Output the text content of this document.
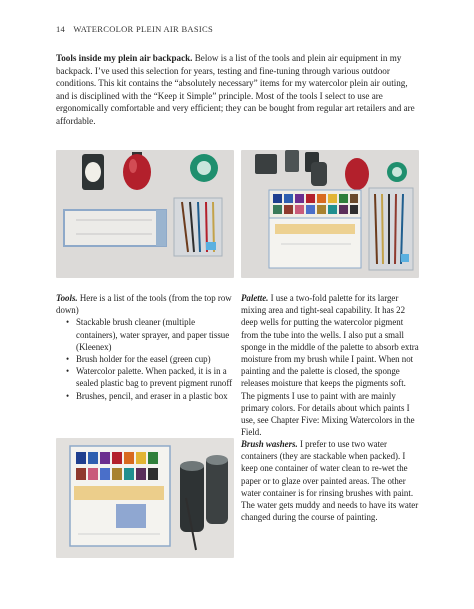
14 WATERCOLOR PLEIN AIR BASICS

Tools inside my plein air backpack. Below is a list of the tools and plein air equipment in my backpack. I’ve used this selection for years, testing and fine-tuning through various outdoor conditions. This kit contains the “absolutely necessary” items for my watercolor plein air outing, and is disciplined with the “Keep it Simple” principle. Most of the tools I select to use are ergonomically comfortable and very efficient; they can be bought from regular art retailers and are affordable.

Tools. Here is a list of the tools (from the top row down)
• Stackable brush cleaner (multiple containers), water sprayer, and paper tissue (Kleenex)
• Brush holder for the easel (green cup)
• Watercolor palette. When packed, it is in a sealed plastic bag to prevent pigment runoff
• Brushes, pencil, and eraser in a plastic box

Palette. I use a two-fold palette for its larger mixing area and tight-seal capability. It has 22 deep wells for putting the watercolor pigment from the tube into the wells. I also put a small sponge in the middle of the palette to absorb extra moisture from my brush while I paint. When not painting and the palette is closed, the sponge releases moisture that keeps the pigments soft. The pigments I use to paint with are mainly primary colors. For details about which paints I use, see Chapter Five: Mixing Watercolors in the Field.

Brush washers. I prefer to use two water containers (they are stackable when packed). I keep one container of water clean to re-wet the paper or to glaze over painted areas. The other water container is for rinsing brushes with paint. The water gets muddy and needs to have its water changed during the course of painting.
